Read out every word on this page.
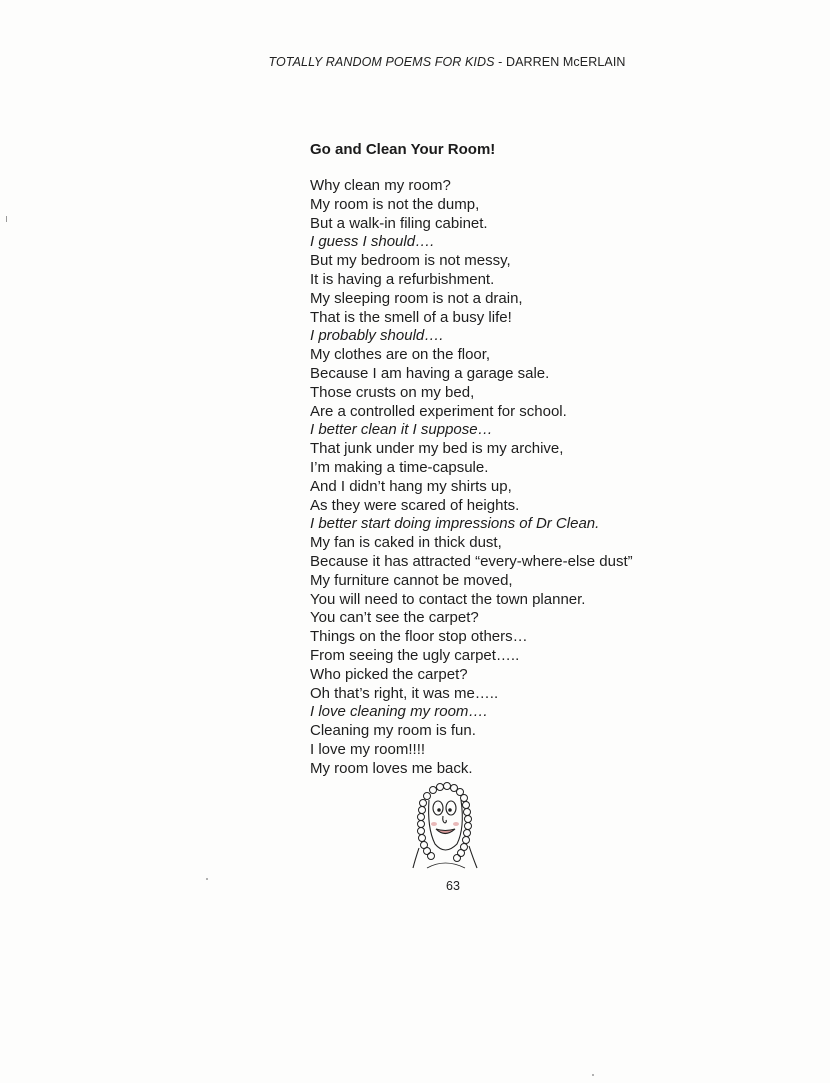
TOTALLY RANDOM POEMS FOR KIDS - DARREN McERLAIN
Go and Clean Your Room!
Why clean my room?
My room is not the dump,
But a walk-in filing cabinet.
I guess I should….
But my bedroom is not messy,
It is having a refurbishment.
My sleeping room is not a drain,
That is the smell of a busy life!
I probably should….
My clothes are on the floor,
Because I am having a garage sale.
Those crusts on my bed,
Are a controlled experiment for school.
I better clean it I suppose…
That junk under my bed is my archive,
I’m making a time-capsule.
And I didn’t hang my shirts up,
As they were scared of heights.
I better start doing impressions of Dr Clean.
My fan is caked in thick dust,
Because it has attracted “every-where-else dust”
My furniture cannot be moved,
You will need to contact the town planner.
You can’t see the carpet?
Things on the floor stop others…
From seeing the ugly carpet…..
Who picked the carpet?
Oh that’s right, it was me…..
I love cleaning my room….
Cleaning my room is fun.
I love my room!!!!
My room loves me back.
63
